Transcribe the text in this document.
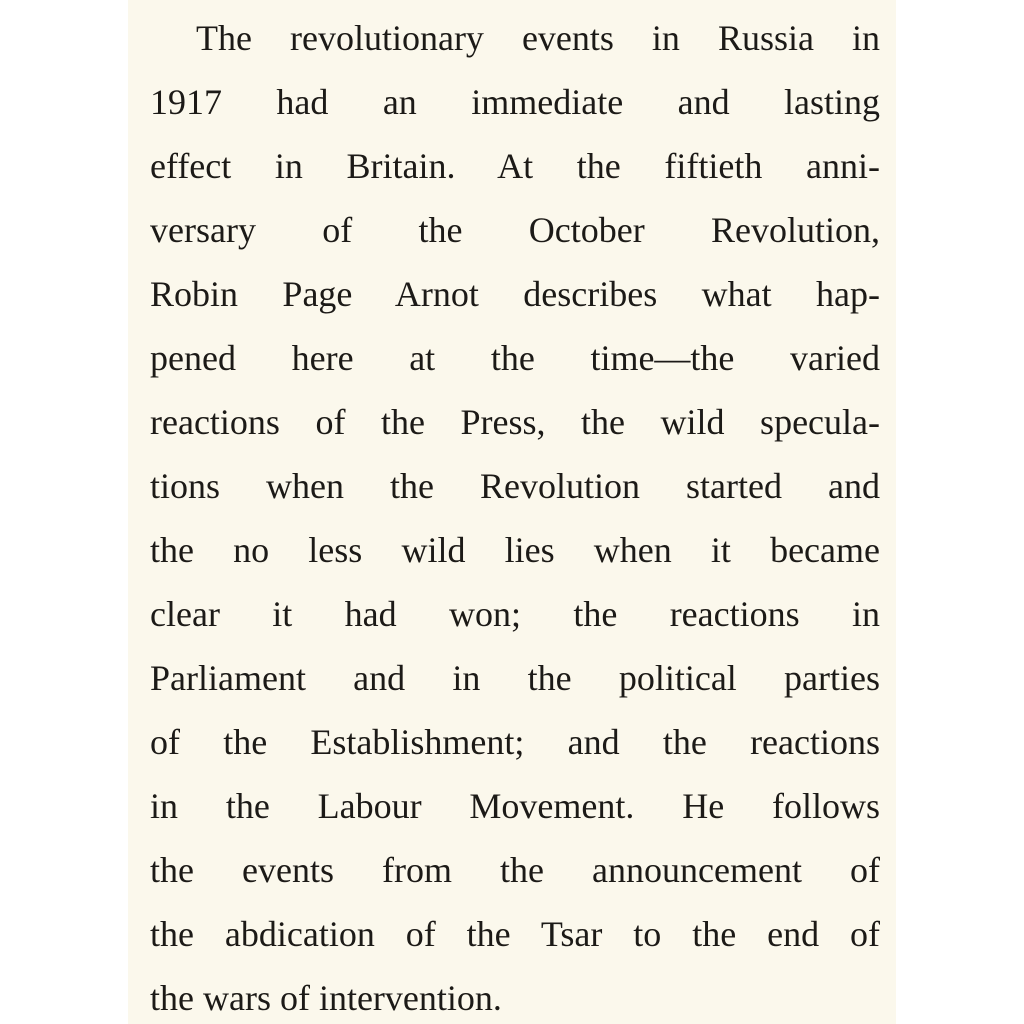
The revolutionary events in Russia in
1917 had an immediate and lasting
effect in Britain. At the fiftieth anni-
versary of the October Revolution,
Robin Page Arnot describes what hap-
pened here at the time—the varied
reactions of the Press, the wild specula-
tions when the Revolution started and
the no less wild lies when it became
clear it had won; the reactions in
Parliament and in the political parties
of the Establishment; and the reactions
in the Labour Movement. He follows
the events from the announcement of
the abdication of the Tsar to the end of
the wars of intervention.
